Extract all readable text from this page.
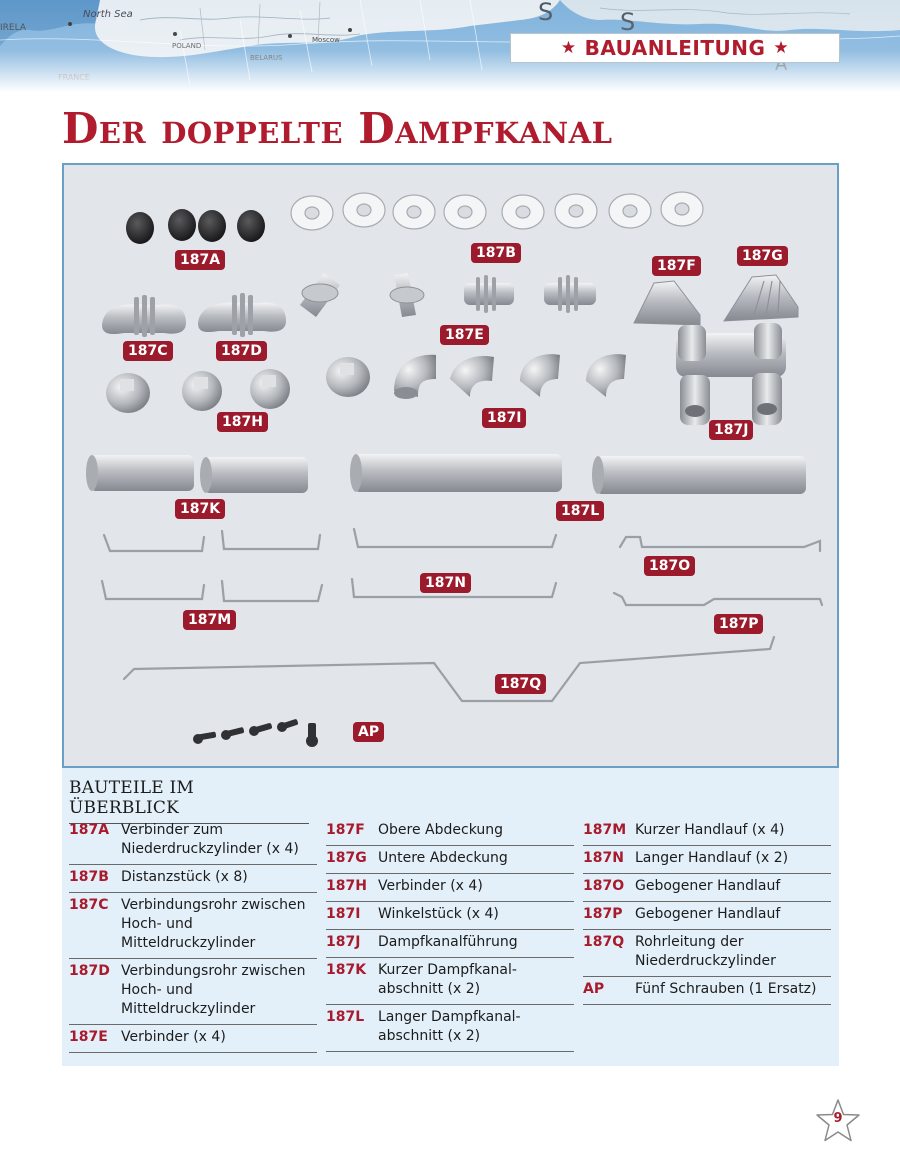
★ BAUANLEITUNG ★
Der doppelte Dampfkanal
187A	187B
187C	187D
187E
187F
187G
187H	187I
187J
187K	187L
187M
187N
187O
187P
187Q
AP
BAUTEILE IM ÜBERBLICK
187A Verbinder zum Niederdruckzylinder (x 4)
187B Distanzstück (x 8)
187C Verbindungsrohr zwischen Hoch- und Mitteldruckzylinder
187D Verbindungsrohr zwischen Hoch- und Mitteldruckzylinder
187E Verbinder (x 4)
187F Obere Abdeckung
187G Untere Abdeckung
187H Verbinder (x 4)
187I	Winkelstück (x 4)
187J	Dampfkanalführung
187K Kurzer Dampfkanal-abschnitt (x 2)
187L Langer Dampfkanal-abschnitt (x 2)
187M Kurzer Handlauf (x 4)
187N Langer Handlauf (x 2)
187O Gebogener Handlauf
187P Gebogener Handlauf
187Q Rohrleitung der Niederdruckzylinder
AP	Fünf Schrauben (1 Ersatz)
9
